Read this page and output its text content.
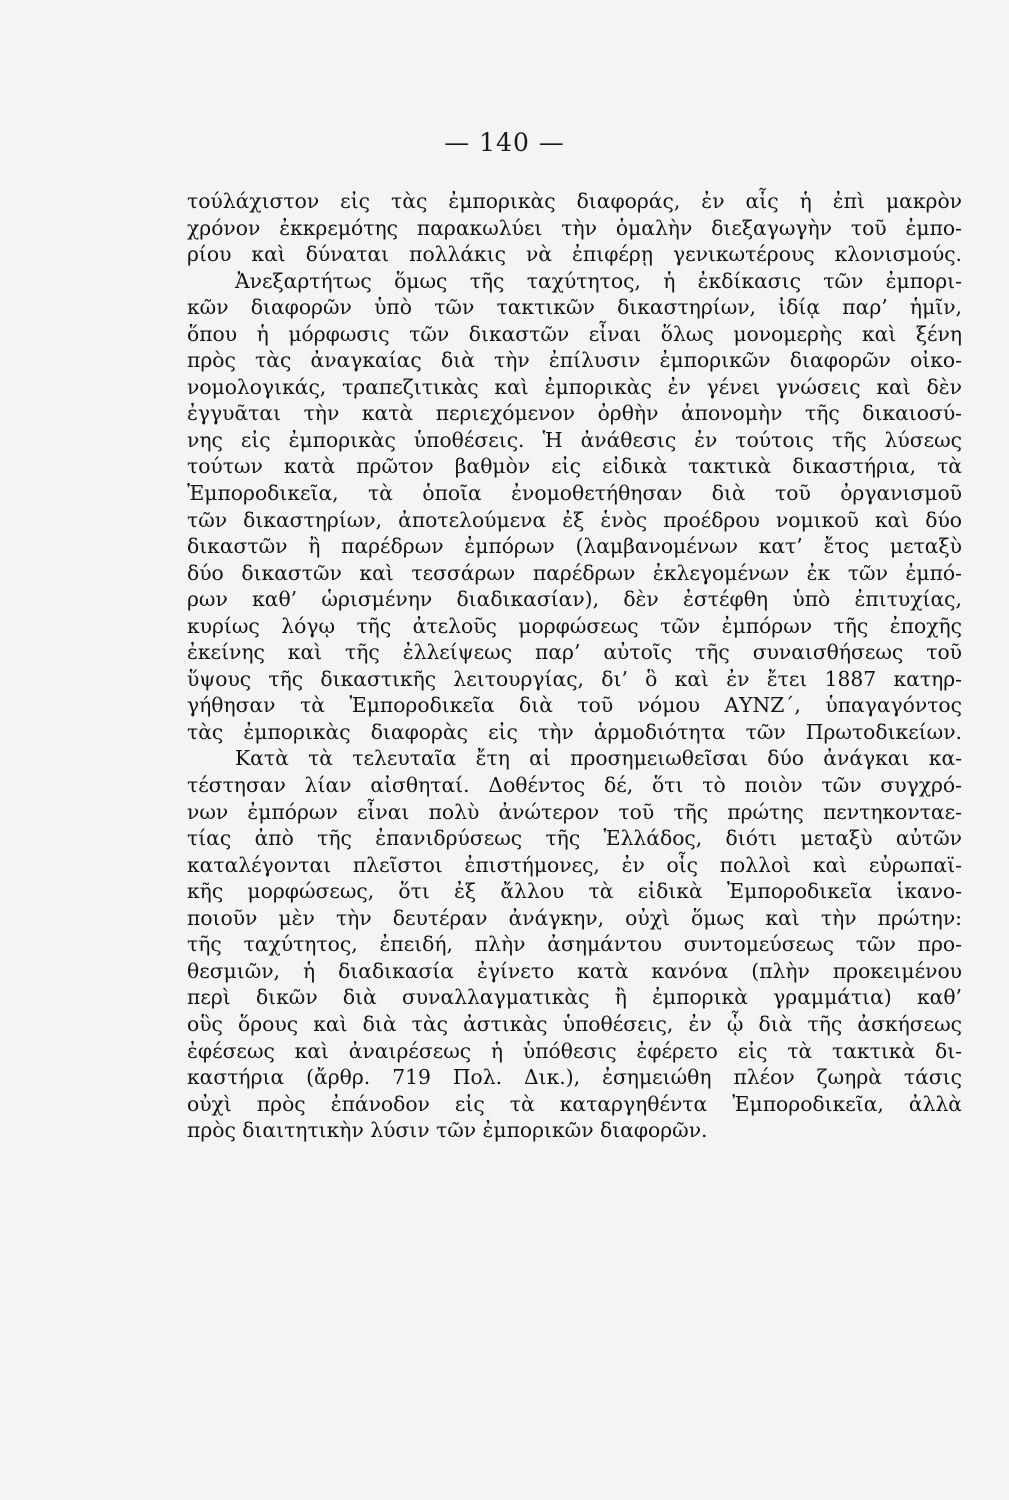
— 140 —
τούλάχιστον εἰς τὰς ἐμπορικὰς διαφοράς, ἐν αἷς ἡ ἐπὶ μακρὸν
χρόνον ἐκκρεμότης παρακωλύει τὴν ὁμαλὴν διεξαγωγὴν τοῦ ἐμπο-
ρίου καὶ δύναται πολλάκις νὰ ἐπιφέρῃ γενικωτέρους κλονισμούς.
Ἀνεξαρτήτως ὅμως τῆς ταχύτητος, ἡ ἐκδίκασις τῶν ἐμπορι-
κῶν διαφορῶν ὑπὸ τῶν τακτικῶν δικαστηρίων, ἰδίᾳ παρ’ ἡμῖν,
ὅπου ἡ μόρφωσις τῶν δικαστῶν εἶναι ὅλως μονομερὴς καὶ ξένη
πρὸς τὰς ἀναγκαίας διὰ τὴν ἐπίλυσιν ἐμπορικῶν διαφορῶν οἰκο-
νομολογικάς, τραπεζιτικὰς καὶ ἐμπορικὰς ἐν γένει γνώσεις καὶ δὲν
ἐγγυᾶται τὴν κατὰ περιεχόμενον ὀρθὴν ἀπονομὴν τῆς δικαιοσύ-
νης εἰς ἐμπορικὰς ὑποθέσεις. Ἡ ἀνάθεσις ἐν τούτοις τῆς λύσεως
τούτων κατὰ πρῶτον βαθμὸν εἰς εἰδικὰ τακτικὰ δικαστήρια, τὰ
Ἐμποροδικεῖα, τὰ ὁποῖα ἐνομοθετήθησαν διὰ τοῦ ὀργανισμοῦ
τῶν δικαστηρίων, ἀποτελούμενα ἐξ ἑνὸς προέδρου νομικοῦ καὶ δύο
δικαστῶν ἢ παρέδρων ἐμπόρων (λαμβανομένων κατ’ ἔτος μεταξὺ
δύο δικαστῶν καὶ τεσσάρων παρέδρων ἐκλεγομένων ἐκ τῶν ἐμπό-
ρων καθ’ ὡρισμένην διαδικασίαν), δὲν ἐστέφθη ὑπὸ ἐπιτυχίας,
κυρίως λόγῳ τῆς ἀτελοῦς μορφώσεως τῶν ἐμπόρων τῆς ἐποχῆς
ἐκείνης καὶ τῆς ἐλλείψεως παρ’ αὐτοῖς τῆς συναισθήσεως τοῦ
ὕψους τῆς δικαστικῆς λειτουργίας, δι’ ὃ καὶ ἐν ἔτει 1887 κατηρ-
γήθησαν τὰ Ἐμποροδικεῖα διὰ τοῦ νόμου ΑΥΝΖ΄, ὑπαγαγόντος
τὰς ἐμπορικὰς διαφορὰς εἰς τὴν ἁρμοδιότητα τῶν Πρωτοδικείων.
Κατὰ τὰ τελευταῖα ἔτη αἱ προσημειωθεῖσαι δύο ἀνάγκαι κα-
τέστησαν λίαν αἰσθηταί. Δοθέντος δέ, ὅτι τὸ ποιὸν τῶν συγχρό-
νων ἐμπόρων εἶναι πολὺ ἀνώτερον τοῦ τῆς πρώτης πεντηκονταε-
τίας ἀπὸ τῆς ἐπανιδρύσεως τῆς Ἑλλάδος, διότι μεταξὺ αὐτῶν
καταλέγονται πλεῖστοι ἐπιστήμονες, ἐν οἷς πολλοὶ καὶ εὐρωπαϊ-
κῆς μορφώσεως, ὅτι ἐξ ἄλλου τὰ εἰδικὰ Ἐμποροδικεῖα ἱκανο-
ποιοῦν μὲν τὴν δευτέραν ἀνάγκην, οὐχὶ ὅμως καὶ τὴν πρώτην:
τῆς ταχύτητος, ἐπειδή, πλὴν ἀσημάντου συντομεύσεως τῶν προ-
θεσμιῶν, ἡ διαδικασία ἐγίνετο κατὰ κανόνα (πλὴν προκειμένου
περὶ δικῶν διὰ συναλλαγματικὰς ἢ ἐμπορικὰ γραμμάτια) καθ’
οὓς ὅρους καὶ διὰ τὰς ἀστικὰς ὑποθέσεις, ἐν ᾧ διὰ τῆς ἀσκήσεως
ἐφέσεως καὶ ἀναιρέσεως ἡ ὑπόθεσις ἐφέρετο εἰς τὰ τακτικὰ δι-
καστήρια (ἄρθρ. 719 Πολ. Δικ.), ἐσημειώθη πλέον ζωηρὰ τάσις
οὐχὶ πρὸς ἐπάνοδον εἰς τὰ καταργηθέντα Ἐμποροδικεῖα, ἀλλὰ
πρὸς διαιτητικὴν λύσιν τῶν ἐμπορικῶν διαφορῶν.
